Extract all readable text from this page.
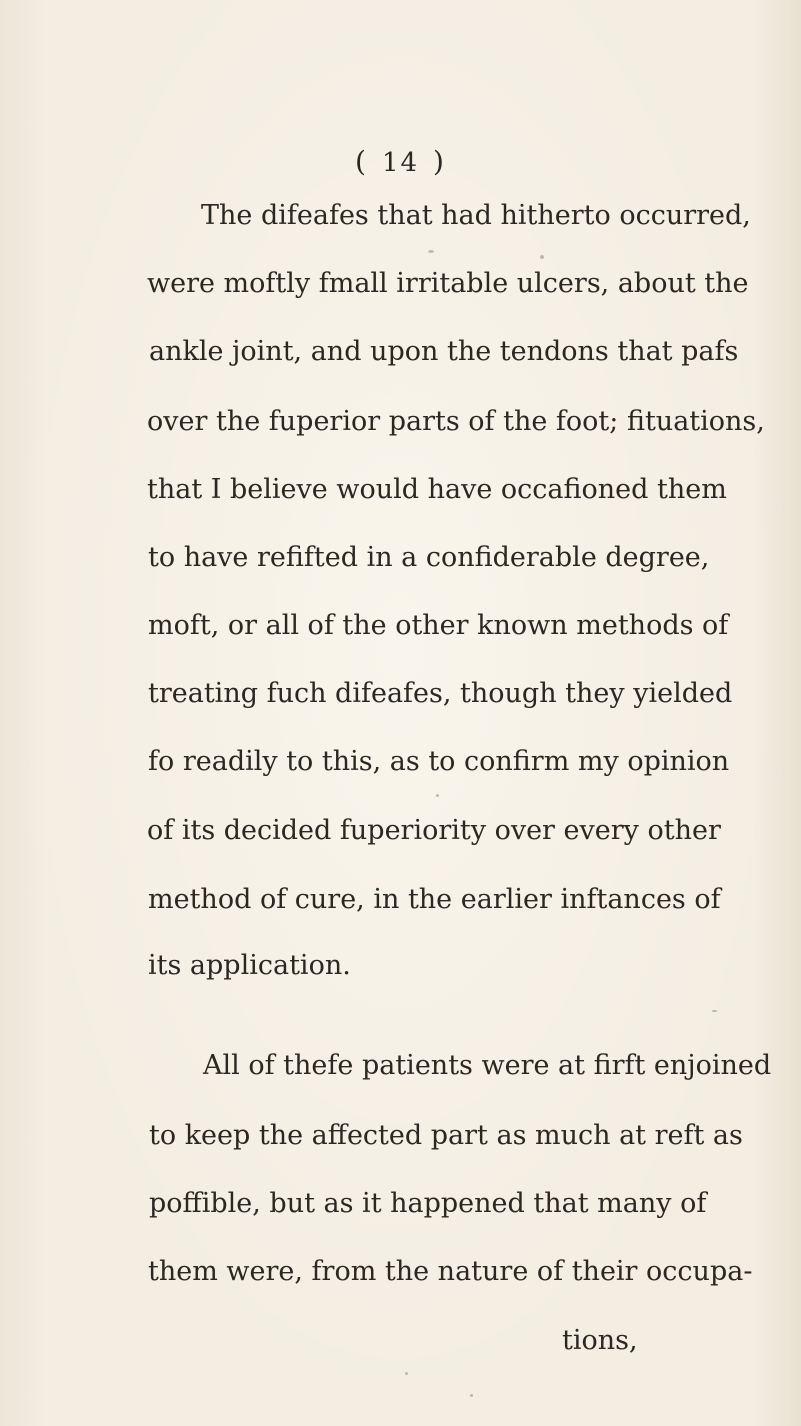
( 14 )
The difeafes that had hitherto occurred,
were moftly fmall irritable ulcers, about the
ankle joint, and upon the tendons that pafs
over the fuperior parts of the foot; fituations,
that I believe would have occafioned them
to have refifted in a confiderable degree,
moft, or all of the other known methods of
treating fuch difeafes, though they yielded
fo readily to this, as to confirm my opinion
of its decided fuperiority over every other
method of cure, in the earlier inftances of
its application.
All of thefe patients were at firft enjoined
to keep the affected part as much at reft as
poffible, but as it happened that many of
them were, from the nature of their occupa-
tions,
